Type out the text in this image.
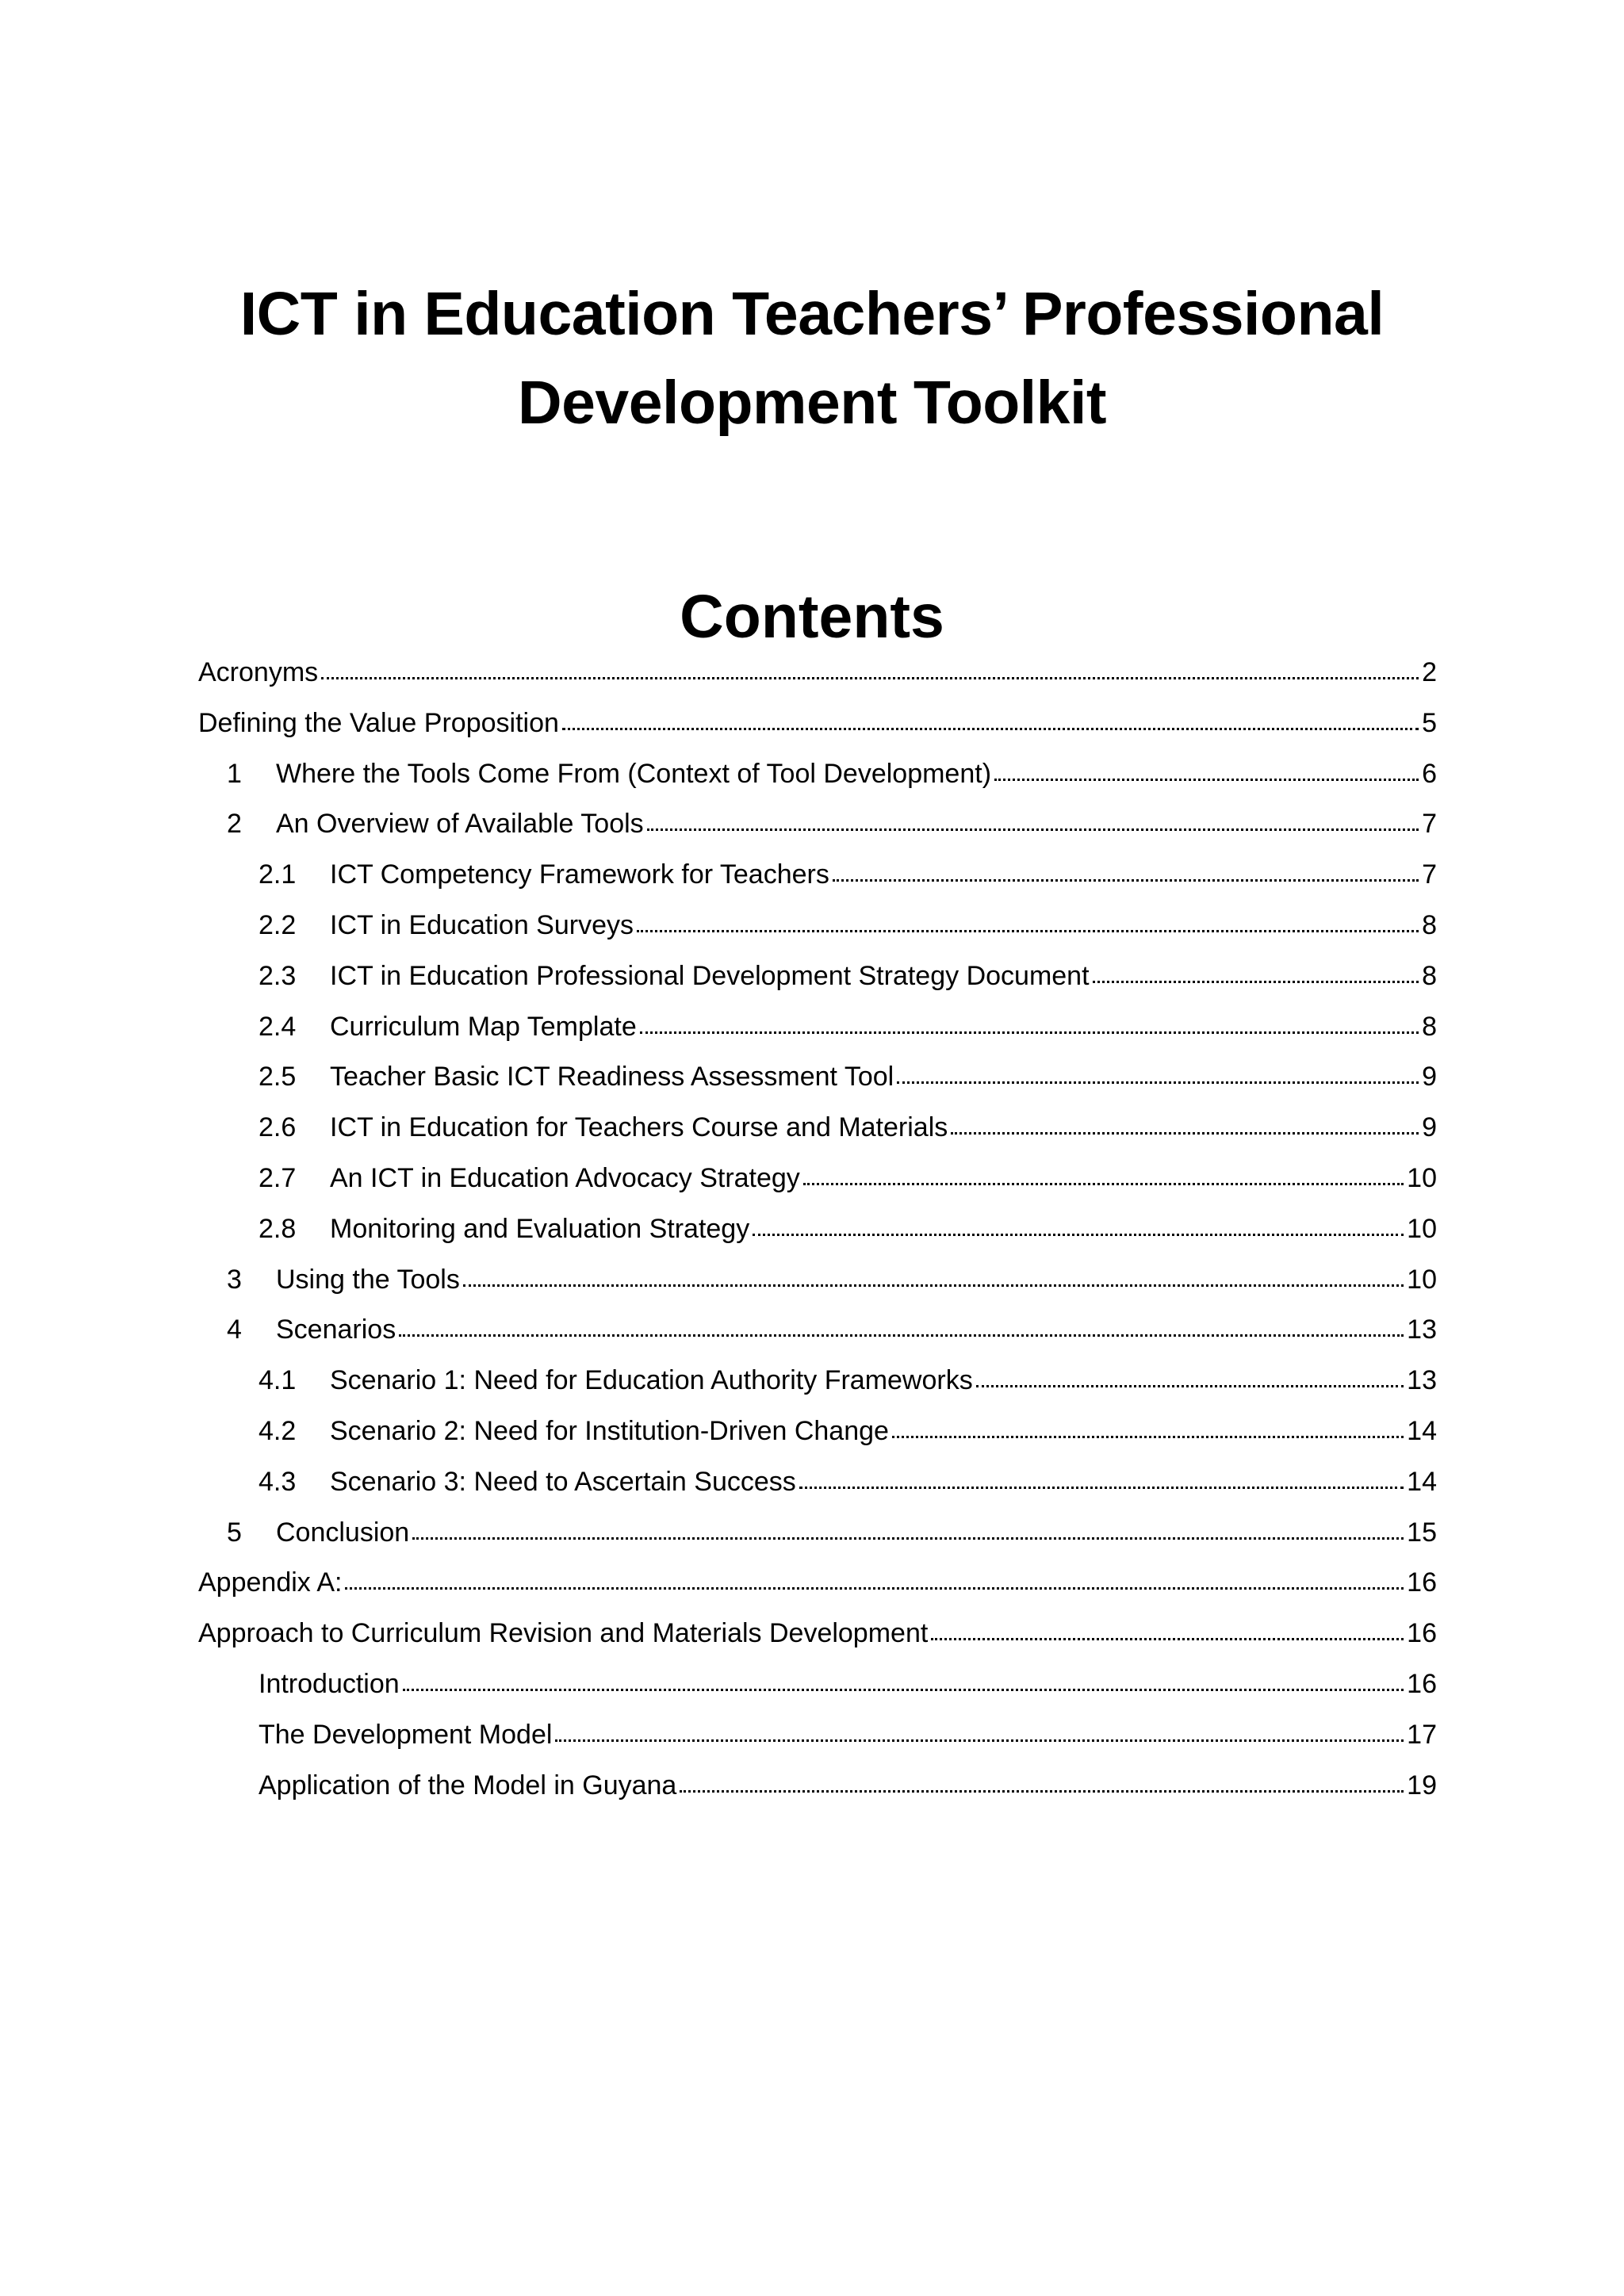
ICT in Education Teachers’ Professional
Development Toolkit
Contents
Acronyms	2
Defining the Value Proposition	5
1	Where the Tools Come From (Context of Tool Development)	6
2	An Overview of Available Tools	7
2.1	ICT Competency Framework for Teachers	7
2.2	ICT in Education Surveys	8
2.3	ICT in Education Professional Development Strategy Document	8
2.4	Curriculum Map Template	8
2.5	Teacher Basic ICT Readiness Assessment Tool	9
2.6	ICT in Education for Teachers Course and Materials	9
2.7	An ICT in Education Advocacy Strategy	10
2.8	Monitoring and Evaluation Strategy	10
3	Using the Tools	10
4	Scenarios	13
4.1	Scenario 1: Need for Education Authority Frameworks	13
4.2	Scenario 2: Need for Institution-Driven Change	14
4.3	Scenario 3: Need to Ascertain Success	14
5	Conclusion	15
Appendix A:	16
Approach to Curriculum Revision and Materials Development	16
Introduction	16
The Development Model	17
Application of the Model in Guyana	19
